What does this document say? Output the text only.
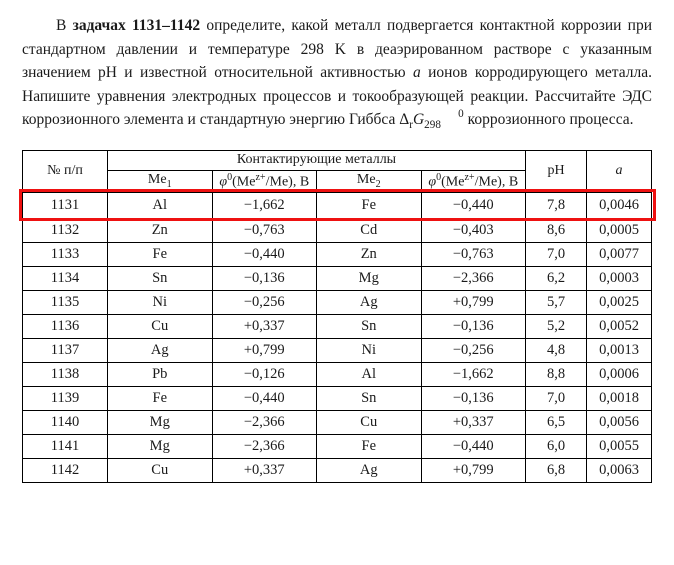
В задачах 1131–1142 определите, какой металл подвергается контактной коррозии при стандартном давлении и температуре 298 K в деаэрированном растворе с указанным значением рН и известной относительной активностью a ионов корродирующего металла. Напишите уравнения электродных процессов и токообразующей реакции. Рассчитайте ЭДС коррозионного элемента и стандартную энергию Гиббса $\Delta_rG$	0
298 коррозионного процесса.

№ п/п	Контактирующие металлы				pH	a
	$Me_1$	$\varphi^0(Me^{z+}/Me)$, В	$Me_2$	$\varphi^0(Me^{z+}/Me)$, В		
1131	Al	−1,662	Fe	−0,440	7,8	0,0046
1132	Zn	−0,763	Cd	−0,403	8,6	0,0005
1133	Fe	−0,440	Zn	−0,763	7,0	0,0077
1134	Sn	−0,136	Mg	−2,366	6,2	0,0003
1135	Ni	−0,256	Ag	+0,799	5,7	0,0025
1136	Cu	+0,337	Sn	−0,136	5,2	0,0052
1137	Ag	+0,799	Ni	−0,256	4,8	0,0013
1138	Pb	−0,126	Al	−1,662	8,8	0,0006
1139	Fe	−0,440	Sn	−0,136	7,0	0,0018
1140	Mg	−2,366	Cu	+0,337	6,5	0,0056
1141	Mg	−2,366	Fe	−0,440	6,0	0,0055
1142	Cu	+0,337	Ag	+0,799	6,8	0,0063
